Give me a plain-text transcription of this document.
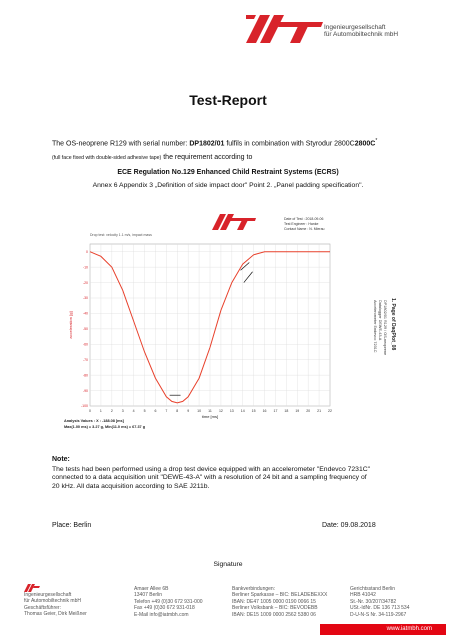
Ingenieurgesellschaft
für Automobiltechnik mbH
Test-Report
The OS-neoprene R129 with serial number: DP1802/01 fulfils in combination with Styrodur 2800C2800C*
(full face fixed with double-sided adhesive tape) the requirement according to
ECE Regulation No.129 Enhanced Child Restraint Systems (ECRS)
Annex 6 Appendix 3 „Definition of side impact door" Point 2. „Panel padding specification".
Date of Test : 2018-09-06
Test Engineer : Hanke
Contact Name : N. Mierau
Drop test: velocity 1.1 m/s, impact mass
0	1	2	3	4	5	6	7	8	9 10 11 12 13 14 15 16 17 18 19 20 21 22
0
-10
-20
-30
-40
-50
-60
-70
-80
-90
-100
time [ms]
acceleration [g]
Analysis Values : X : -188.08 [ms]
Max(1.00 ms) = 3.27 g, Min(11.0 ms) = 67.37 g
1. Page of DaqPlot_08
DP1802/01 R129 / OS-neoprene
Datalogger DEWE-43-A
Accelerometer Endevco 7231C
Note:
The tests had been performed using a drop test device equipped with an accelerometer "Endevco 7231C" connected to a data acquisition unit "DEWE-43-A" with a resolution of 24 bit and a sampling frequency of 20 kHz. All data acquisition according to SAE J211b.
Place: Berlin	Date: 09.08.2018
Signature
Ingenieurgesellschaft
für Automobiltechnik mbH
Geschäftsführer:
Thomas Geier, Dirk Meißner
Amaer Allee 6B
13407 Berlin
Telefon +49 (0)30 672 931-000
Fax +49 (0)30 672 931-018
E-Mail info@iatmbh.com
Bankverbindungen:
Berliner Sparkasse – BIC: BELADEBEXXX
IBAN: DE47 1005 0000 0190 0066 15
Berliner Volksbank – BIC: BEVODEBB
IBAN: DE15 1009 0000 2562 5380 06
Gerichtsstand Berlin
HRB 41042
St.-Nr. 30/207/34782
USt.-IdNr. DE 136 713 534
D-U-N-S Nr. 34-119-2967
www.iatmbh.com
